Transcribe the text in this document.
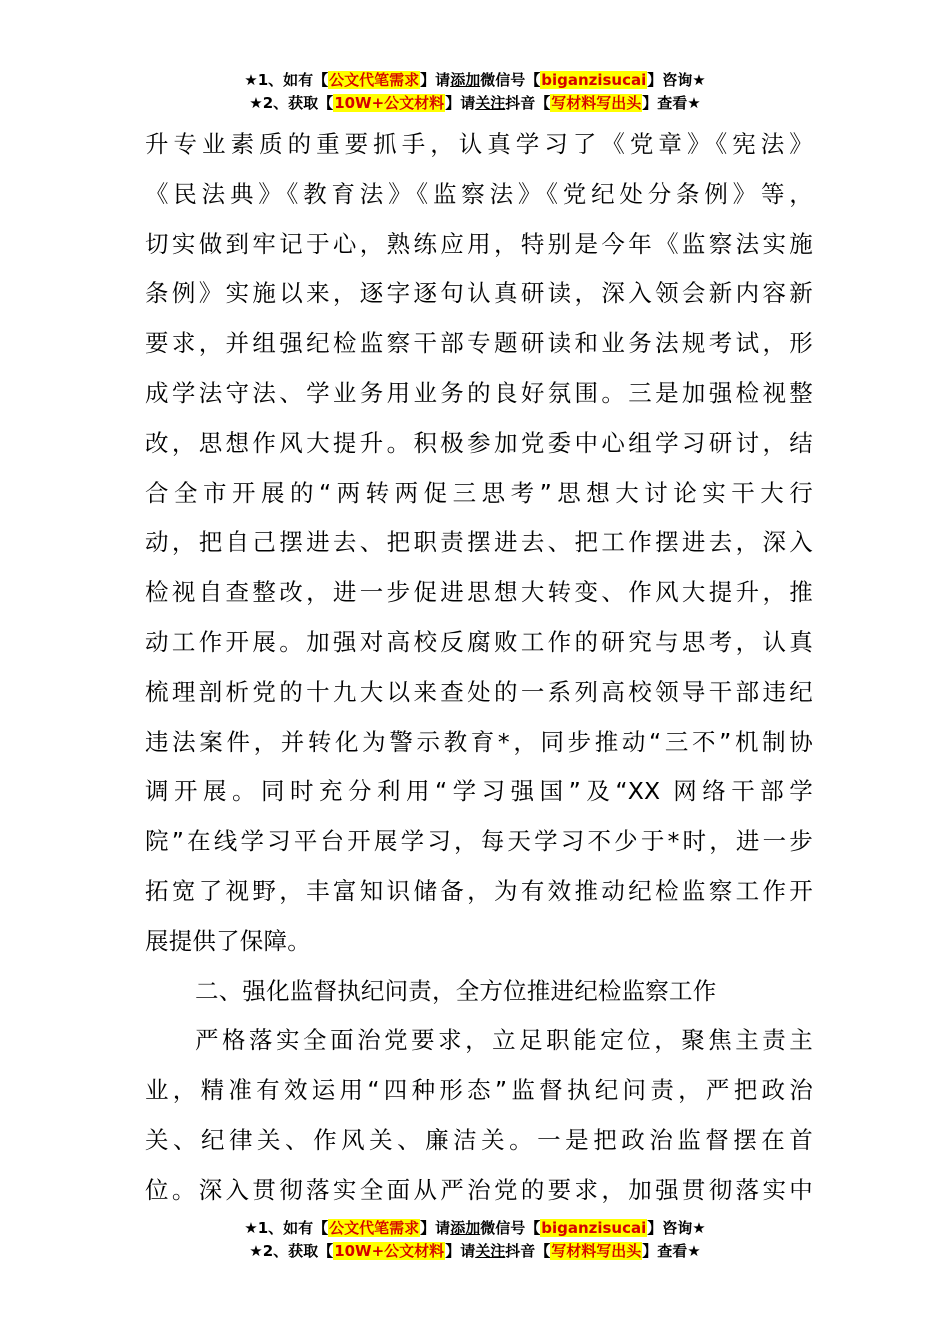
★1、如有【公文代笔需求】请添加微信号【biganzisucai】咨询★
★2、获取【10W+公文材料】请关注抖音【写材料写出头】查看★
升专业素质的重要抓手，认真学习了《党章》《宪法》
《民法典》《教育法》《监察法》《党纪处分条例》等，
切实做到牢记于心，熟练应用，特别是今年《监察法实施
条例》实施以来，逐字逐句认真研读，深入领会新内容新
要求，并组强纪检监察干部专题研读和业务法规考试，形
成学法守法、学业务用业务的良好氛围。三是加强检视整
改，思想作风大提升。积极参加党委中心组学习研讨，结
合全市开展的“两转两促三思考”思想大讨论实干大行
动，把自己摆进去、把职责摆进去、把工作摆进去，深入
检视自查整改，进一步促进思想大转变、作风大提升，推
动工作开展。加强对高校反腐败工作的研究与思考，认真
梳理剖析党的十九大以来查处的一系列高校领导干部违纪
违法案件，并转化为警示教育*，同步推动“三不”机制协
调开展。同时充分利用“学习强国”及“XX 网络干部学
院”在线学习平台开展学习，每天学习不少于*时，进一步
拓宽了视野，丰富知识储备，为有效推动纪检监察工作开
展提供了保障。
二、强化监督执纪问责，全方位推进纪检监察工作
严格落实全面治党要求，立足职能定位，聚焦主责主
业，精准有效运用“四种形态”监督执纪问责，严把政治
关、纪律关、作风关、廉洁关。一是把政治监督摆在首
位。深入贯彻落实全面从严治党的要求，加强贯彻落实中
★1、如有【公文代笔需求】请添加微信号【biganzisucai】咨询★
★2、获取【10W+公文材料】请关注抖音【写材料写出头】查看★
